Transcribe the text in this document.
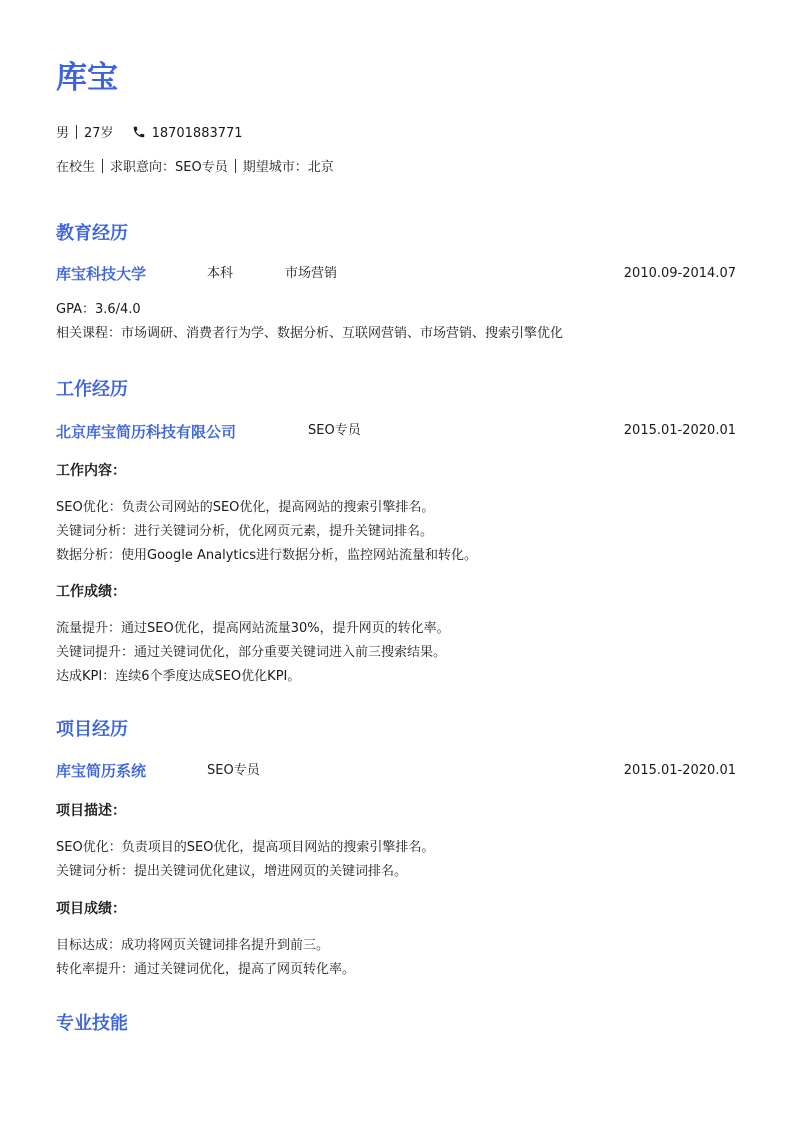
库宝
男 27岁	18701883771
在校生 求职意向：SEO专员 期望城市：北京
教育经历
库宝科技大学	本科	市场营销	2010.09-2014.07
GPA：3.6/4.0
相关课程：市场调研、消费者行为学、数据分析、互联网营销、市场营销、搜索引擎优化
工作经历
北京库宝简历科技有限公司	SEO专员	2015.01-2020.01
工作内容：
SEO优化：负责公司网站的SEO优化，提高网站的搜索引擎排名。
关键词分析：进行关键词分析，优化网页元素，提升关键词排名。
数据分析：使用Google Analytics进行数据分析，监控网站流量和转化。
工作成绩：
流量提升：通过SEO优化，提高网站流量30%，提升网页的转化率。
关键词提升：通过关键词优化，部分重要关键词进入前三搜索结果。
达成KPI：连续6个季度达成SEO优化KPI。
项目经历
库宝简历系统	SEO专员	2015.01-2020.01
项目描述：
SEO优化：负责项目的SEO优化，提高项目网站的搜索引擎排名。
关键词分析：提出关键词优化建议，增进网页的关键词排名。
项目成绩：
目标达成：成功将网页关键词排名提升到前三。
转化率提升：通过关键词优化，提高了网页转化率。
专业技能
